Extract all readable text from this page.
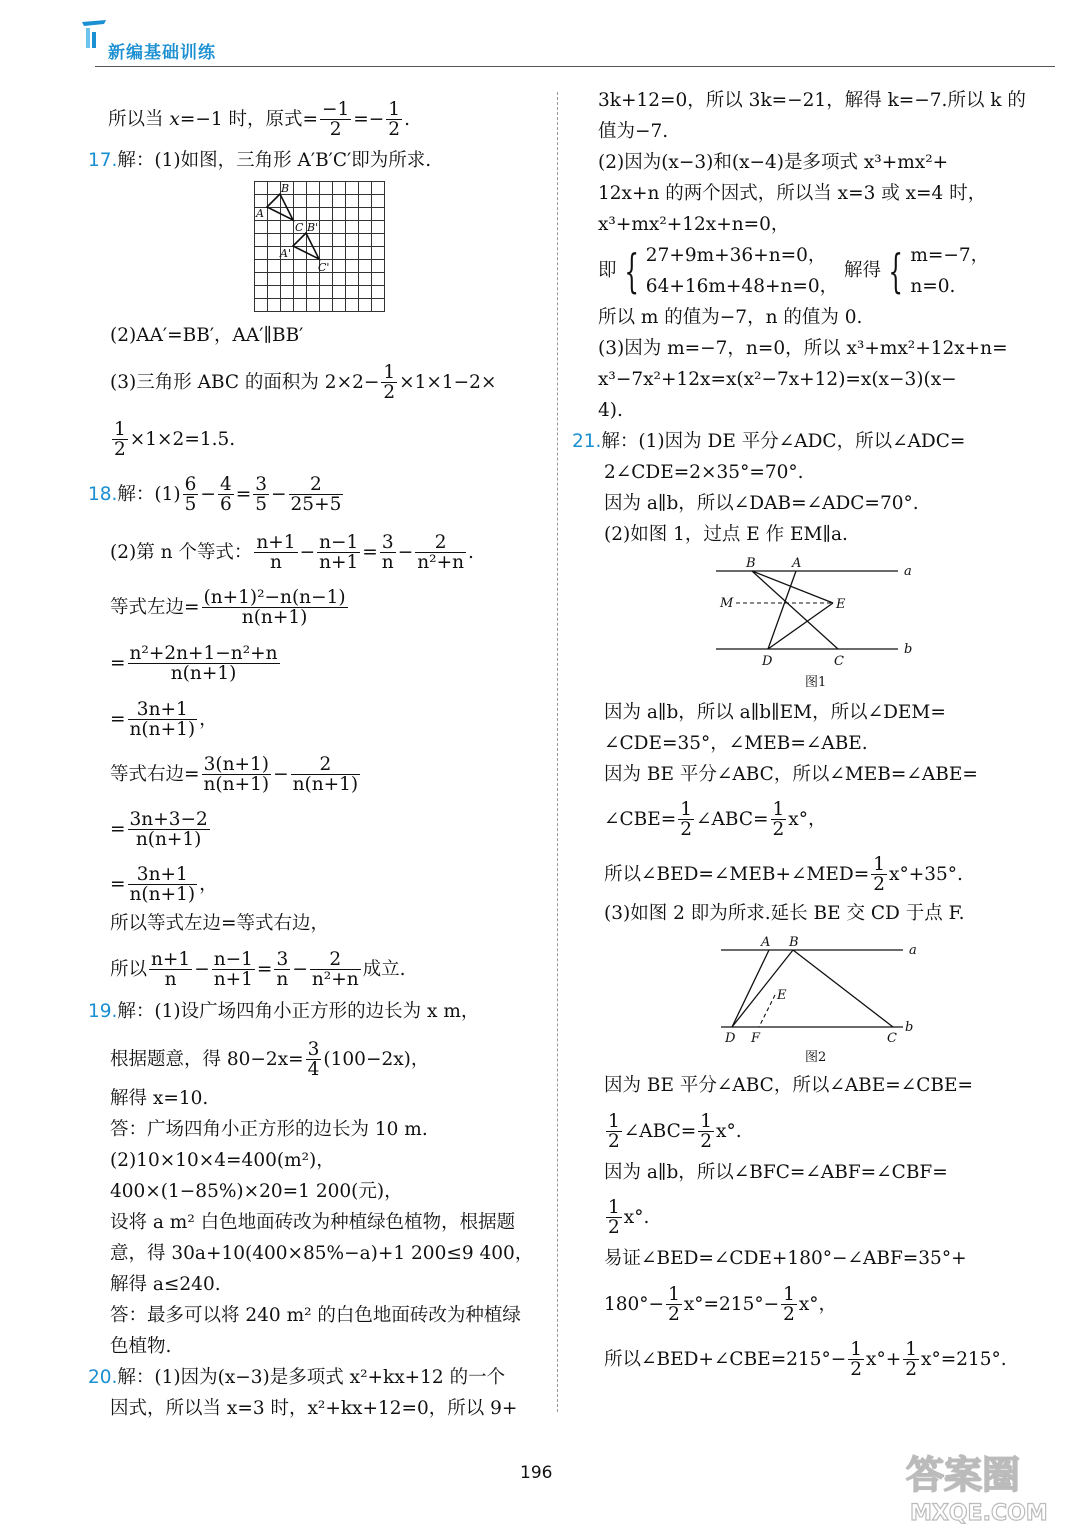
新编基础训练
所以当 x=−1 时，原式= $\frac{-1}{2} =- \frac{1}{2}$ .
17.解：(1)如图，三角形 A′B′C′即为所求.
B
A
C B'
A'
C'
(2)AA′=BB′，AA′∥BB′
(3)三角形 ABC 的面积为 $2\times 2- \frac{1}{2} \times 1\times 1-2\times$
$\frac{1}{2} \times 1\times 2=1.5$.
18.解：$(1) \frac{6}{5} - \frac{4}{6} = \frac{3}{5} - \frac{2}{25+5}$
(2)第 n 个等式： $\frac{n+1}{n} - \frac{n-1}{n+1} = \frac{3}{n} - \frac{2}{\text{n²+n}}$ .
等式左边= $\frac{\text{(n+1)²−n(n−1)}}{n(n+1)}$
= $\frac{\text{n²+2n+1−n²+n}}{n(n+1)}$
= $\frac{3n+1}{n(n+1)}$ ，
等式右边= $\frac{3(n+1)}{n(n+1)} - \frac{2}{n(n+1)}$
= $\frac{3n+3-2}{n(n+1)}$
= $\frac{3n+1}{n(n+1)}$ ，
所以等式左边=等式右边，
所以 $\frac{n+1}{n} - \frac{n-1}{n+1} = \frac{3}{n} - \frac{2}{\text{n²+n}}$ 成立.
19.解：(1)设广场四角小正方形的边长为 x m，
根据题意，得 $80-2x= \frac{3}{4} (100-2x)$，
解得 x=10.
答：广场四角小正方形的边长为 10 m.
(2)10×10×4=400(m²)，
400×(1−85%)×20=1 200(元)，
设将 a m² 白色地面砖改为种植绿色植物，根据题
意，得 30a+10(400×85%−a)+1 200≤9 400，
解得 a≤240.
答：最多可以将 240 m² 的白色地面砖改为种植绿
色植物.
20.解：(1)因为(x−3)是多项式 x²+kx+12 的一个
因式，所以当 x=3 时，x²+kx+12=0，所以 9+
3k+12=0，所以 3k=−21，解得 k=−7.所以 k 的
值为−7.
(2)因为(x−3)和(x−4)是多项式 x³+mx²+
12x+n 的两个因式，所以当 x=3 或 x=4 时，
x³+mx²+12x+n=0，
即 { 27+9m+36+n=0，
64+16m+48+n=0，
解得 { m=−7，
n=0.
所以 m 的值为−7，n 的值为 0.
(3)因为 m=−7，n=0，所以 x³+mx²+12x+n=
x³−7x²+12x=x(x²−7x+12)=x(x−3)(x−
4).
21.解：(1)因为 DE 平分∠ADC，所以∠ADC=
2∠CDE=2×35°=70°.
因为 a∥b，所以∠DAB=∠ADC=70°.
(2)如图 1，过点 E 作 EM∥a.
B	A
a
M	E
D	C
b
图1
因为 a∥b，所以 a∥b∥EM，所以∠DEM=
∠CDE=35°，∠MEB=∠ABE.
因为 BE 平分∠ABC，所以∠MEB=∠ABE=
∠CBE= $\frac{1}{2}$ ∠ABC= $\frac{1}{2} x^\circ$，
所以∠BED=∠MEB+∠MED= $\frac{1}{2} x^\circ+35^\circ$.
(3)如图 2 即为所求.延长 BE 交 CD 于点 F.
A B
a
E
D F	C
b
图2
因为 BE 平分∠ABC，所以∠ABE=∠CBE=
$\frac{1}{2}$ ∠ABC= $\frac{1}{2} x^\circ$.
因为 a∥b，所以∠BFC=∠ABF=∠CBF=
$\frac{1}{2} x^\circ$.
易证∠BED=∠CDE+180°−∠ABF=35°+
$180^\circ- \frac{1}{2} x^\circ=215^\circ- \frac{1}{2} x^\circ$，
所以∠BED+∠CBE=215°− $\frac{1}{2} x^\circ+ \frac{1}{2} x^\circ=215^\circ$.
196	答案圈
MXQE.COM
